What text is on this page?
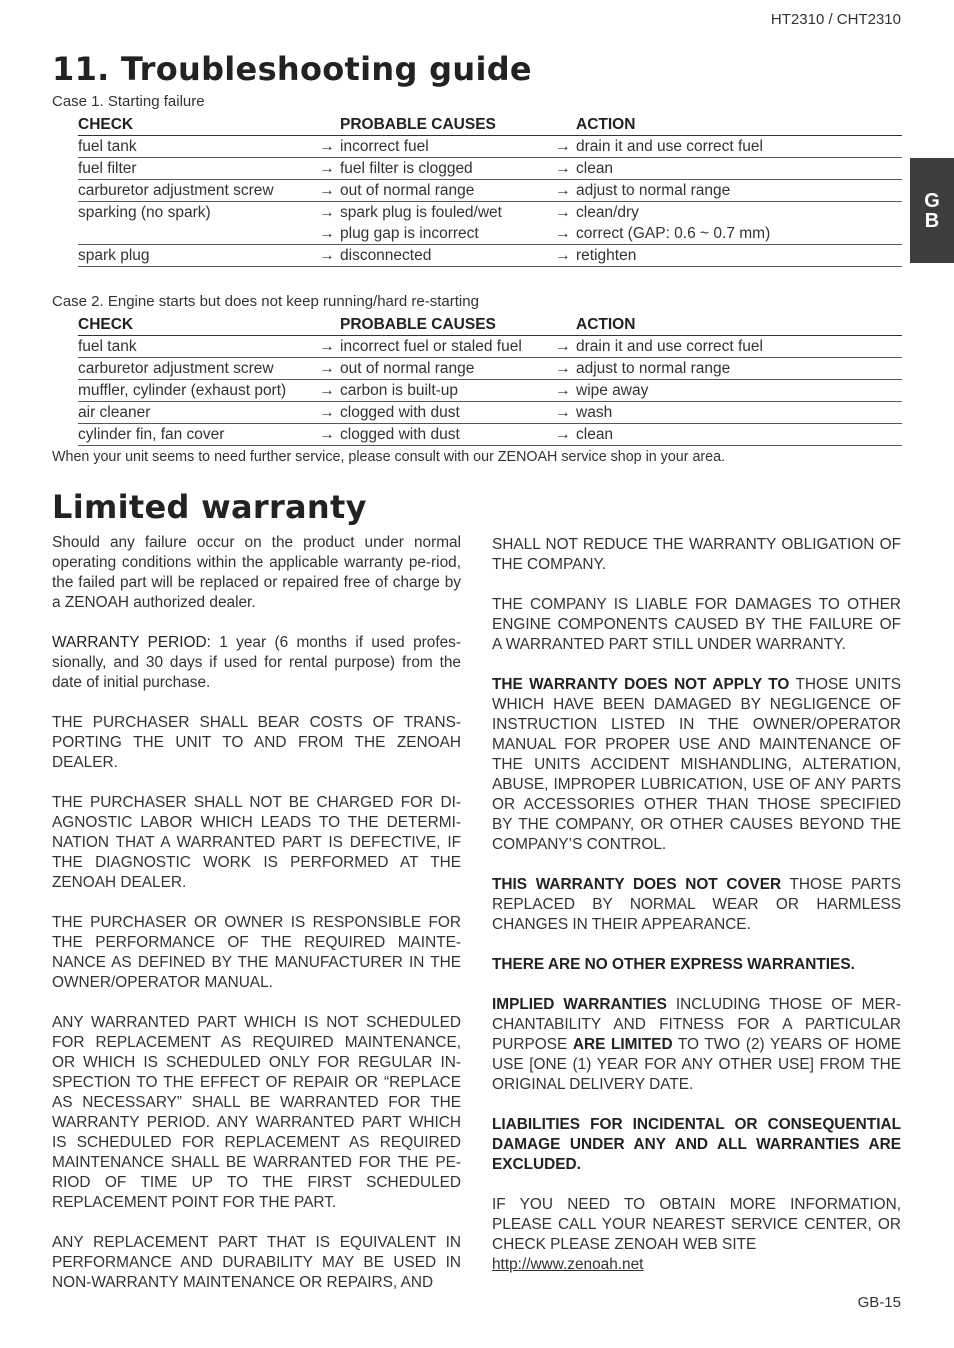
HT2310 / CHT2310
G
B
11. Troubleshooting guide
Case 1. Starting failure
CHECK		PROBABLE CAUSES		ACTION
fuel tank	→	incorrect fuel	→	drain it and use correct fuel
fuel filter	→	fuel filter is clogged	→	clean
carburetor adjustment screw	→	out of normal range	→	adjust to normal range
sparking (no spark)	→	spark plug is fouled/wet	→	clean/dry
	→	plug gap is incorrect	→	correct (GAP: 0.6 ~ 0.7 mm)
spark plug	→	disconnected	→	retighten
Case 2. Engine starts but does not keep running/hard re-starting
CHECK		PROBABLE CAUSES		ACTION
fuel tank	→	incorrect fuel or staled fuel	→	drain it and use correct fuel
carburetor adjustment screw	→	out of normal range	→	adjust to normal range
muffler, cylinder (exhaust port)	→	carbon is built-up	→	wipe away
air cleaner	→	clogged with dust	→	wash
cylinder fin, fan cover	→	clogged with dust	→	clean
When your unit seems to need further service, please consult with our ZENOAH service shop in your area.
Limited warranty

Should any failure occur on the product under normal operating conditions within the applicable warranty pe-riod, the failed part will be replaced or repaired free of charge by a ZENOAH authorized dealer.

WARRANTY PERIOD: 1 year (6 months if used profes-sionally, and 30 days if used for rental purpose) from the date of initial purchase.

THE PURCHASER SHALL BEAR COSTS OF TRANS-PORTING THE UNIT TO AND FROM THE ZENOAH DEALER.

THE PURCHASER SHALL NOT BE CHARGED FOR DI-AGNOSTIC LABOR WHICH LEADS TO THE DETERMI-NATION THAT A WARRANTED PART IS DEFECTIVE, IF THE DIAGNOSTIC WORK IS PERFORMED AT THE ZENOAH DEALER.

THE PURCHASER OR OWNER IS RESPONSIBLE FOR THE PERFORMANCE OF THE REQUIRED MAINTE-NANCE AS DEFINED BY THE MANUFACTURER IN THE OWNER/OPERATOR MANUAL.

ANY WARRANTED PART WHICH IS NOT SCHEDULED FOR REPLACEMENT AS REQUIRED MAINTENANCE, OR WHICH IS SCHEDULED ONLY FOR REGULAR IN-SPECTION TO THE EFFECT OF REPAIR OR “REPLACE AS NECESSARY” SHALL BE WARRANTED FOR THE WARRANTY PERIOD. ANY WARRANTED PART WHICH IS SCHEDULED FOR REPLACEMENT AS REQUIRED MAINTENANCE SHALL BE WARRANTED FOR THE PE-RIOD OF TIME UP TO THE FIRST SCHEDULED REPLACEMENT POINT FOR THE PART.

ANY REPLACEMENT PART THAT IS EQUIVALENT IN PERFORMANCE AND DURABILITY MAY BE USED IN NON-WARRANTY MAINTENANCE OR REPAIRS, AND

SHALL NOT REDUCE THE WARRANTY OBLIGATION OF THE COMPANY.

THE COMPANY IS LIABLE FOR DAMAGES TO OTHER ENGINE COMPONENTS CAUSED BY THE FAILURE OF A WARRANTED PART STILL UNDER WARRANTY.

THE WARRANTY DOES NOT APPLY TO THOSE UNITS WHICH HAVE BEEN DAMAGED BY NEGLIGENCE OF INSTRUCTION LISTED IN THE OWNER/OPERATOR MANUAL FOR PROPER USE AND MAINTENANCE OF THE UNITS ACCIDENT MISHANDLING, ALTERATION, ABUSE, IMPROPER LUBRICATION, USE OF ANY PARTS OR ACCESSORIES OTHER THAN THOSE SPECIFIED BY THE COMPANY, OR OTHER CAUSES BEYOND THE COMPANY’S CONTROL.

THIS WARRANTY DOES NOT COVER THOSE PARTS REPLACED BY NORMAL WEAR OR HARMLESS CHANGES IN THEIR APPEARANCE.

THERE ARE NO OTHER EXPRESS WARRANTIES.

IMPLIED WARRANTIES INCLUDING THOSE OF MER-CHANTABILITY AND FITNESS FOR A PARTICULAR PURPOSE ARE LIMITED TO TWO (2) YEARS OF HOME USE [ONE (1) YEAR FOR ANY OTHER USE] FROM THE ORIGINAL DELIVERY DATE.

LIABILITIES FOR INCIDENTAL OR CONSEQUENTIAL DAMAGE UNDER ANY AND ALL WARRANTIES ARE EXCLUDED.

IF YOU NEED TO OBTAIN MORE INFORMATION, PLEASE CALL YOUR NEAREST SERVICE CENTER, OR CHECK PLEASE ZENOAH WEB SITE
http://www.zenoah.net

GB-15
